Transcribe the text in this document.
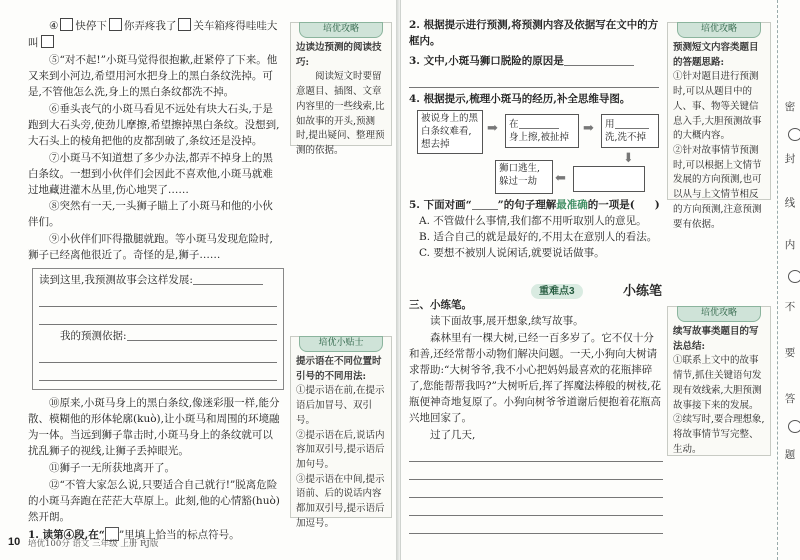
④ 快停下 你弄疼我了 关车箱疼得哇哇大叫
⑤“对不起!”小斑马觉得很抱歉,赶紧停了下来。他又来到小河边,希望用河水把身上的黑白条纹洗掉。可是,不管他怎么洗,身上的黑白条纹都洗不掉。
⑥垂头丧气的小斑马看见不远处有块大石头,于是跑到大石头旁,使劲儿摩擦,希望擦掉黑白条纹。没想到,大石头上的棱角把他的皮都刮破了,条纹还是没掉。
⑦小斑马不知道想了多少办法,都弄不掉身上的黑白条纹。一想到小伙伴们会因此不喜欢他,小斑马就难过地藏进灌木丛里,伤心地哭了……
⑧突然有一天,一头狮子瞄上了小斑马和他的小伙伴们。
⑨小伙伴们吓得撒腿就跑。等小斑马发现危险时,狮子已经离他很近了。奇怪的是,狮子……
读到这里,我预测故事会这样发展:
我的预测依据:
⑩原来,小斑马身上的黑白条纹,像迷彩服一样,能分散、模糊他的形体轮廓(kuò),让小斑马和周围的环境融为一体。当远到狮子靠击时,小斑马身上的条纹就可以扰乱狮子的视线,让狮子丢掉眼光。
⑪狮子一无所获地离开了。
⑫“不管大家怎么说,只要适合自己就行!”脱离危险的小斑马奔跑在茫茫大草原上。此刻,他的心情豁(huò)然开朗。
1. 读第④段,在“ ”里填上恰当的标点符号。
培优攻略
边读边预测的阅读技巧:
阅读短文时要留意题目、插图、文章内容里的一些线索,比如故事的开头,预测时,提出疑问、整理预测的依据。
培优小贴士
提示语在不同位置时引号的不同用法:
①提示语在前,在提示语后加冒号、双引号。
②提示语在后,说话内容加双引号,提示语后加句号。
③提示语在中间,提示语前、后的说话内容都加双引号,提示语后加逗号。
10 培优100分 语文 三年级 上册 RJ版
2. 根据提示进行预测,将预测内容及依据写在文中的方框内。
3. 文中,小斑马狮口脱险的原因是
4. 根据提示,梳理小斑马的经历,补全思维导图。
被说身上的黑白条纹难看,想去掉
➡	在
身上擦,被扯掉
➡	用
洗,洗不掉
⬇
狮口逃生,躲过一劫	⬅
5. 下面对画“ ”的句子理解最准确的一项是( )
A. 不管做什么事情,我们都不用听取别人的意见。
B. 适合自己的就是最好的,不用太在意别人的看法。
C. 要想不被别人说闲话,就要说话做事。
重难点3	小练笔
三、小练笔。
读下面故事,展开想象,续写故事。
森林里有一棵大树,已经一百多岁了。它不仅十分和善,还经常帮小动物们解决问题。一天,小狗向大树请求帮助:“大树爷爷,我不小心把妈妈最喜欢的花瓶摔碎了,您能帮帮我吗?”大树听后,挥了挥魔法棒般的树枝,花瓶便神奇地复原了。小狗向树爷爷道谢后便抱着花瓶高兴地回家了。
过了几天,
培优攻略
预测短文内容类题目的答题思路:
①针对题目进行预测时,可以从题目中的人、事、物等关键信息入手,大胆预测故事的大概内容。
②针对故事情节预测时,可以根据上文情节发展的方向预测,也可以从与上文情节相反的方向预测,注意预测要有依据。
培优攻略
续写故事类题目的写法总结:
①联系上文中的故事情节,抓住关键语句发现有效线索,大胆预测故事接下来的发展。
②续写时,要合理想象,将故事情节写完整、生动。
密
封
线
内
不
要
答
题
